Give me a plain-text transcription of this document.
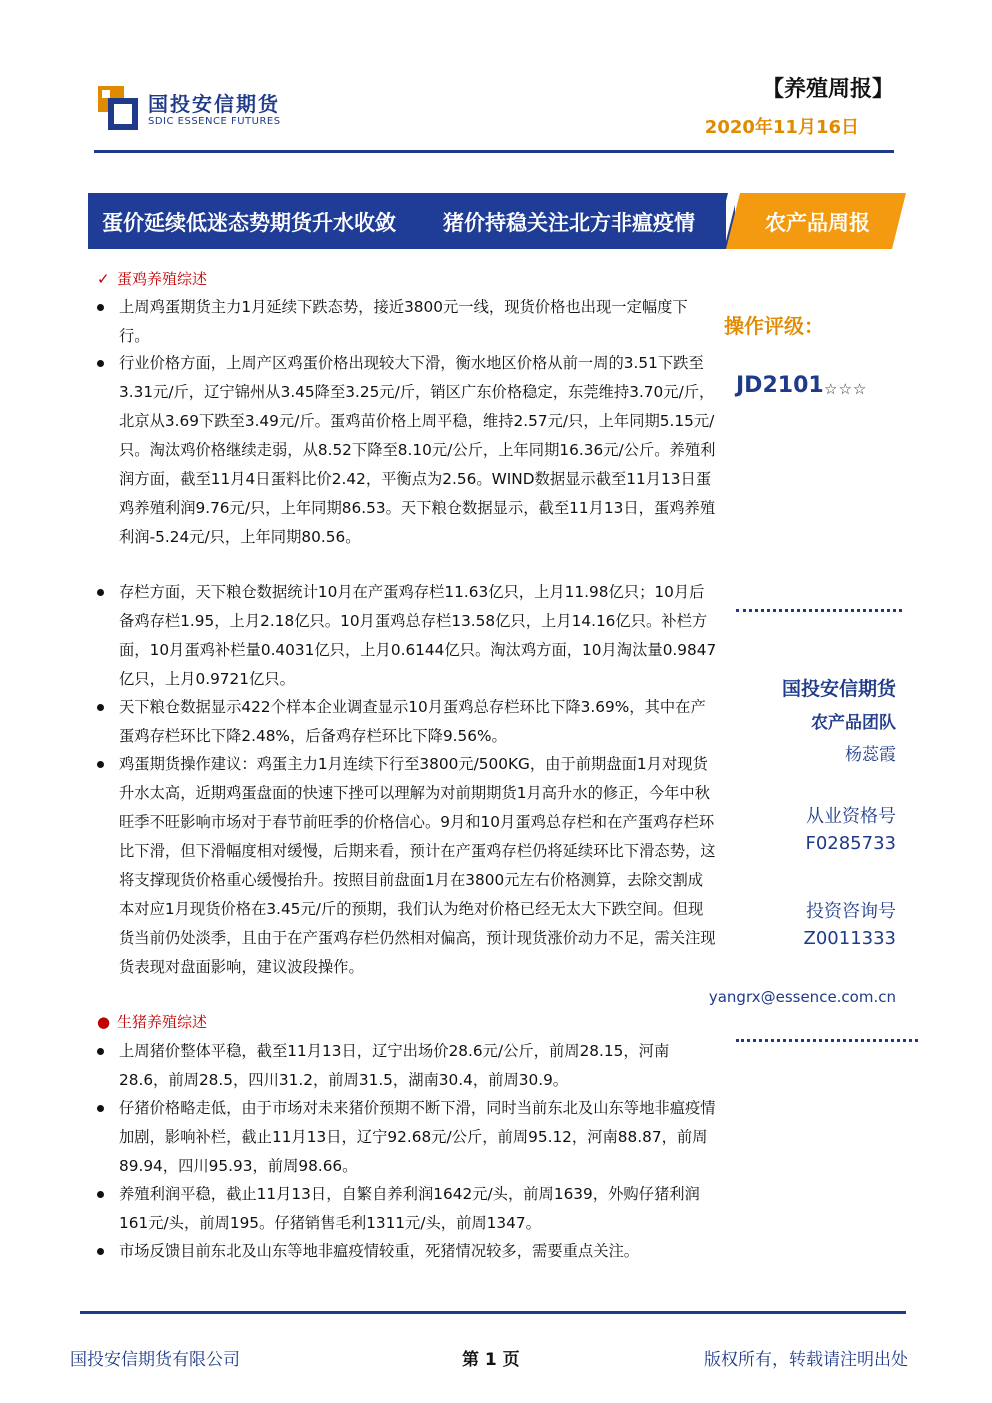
国投安信期货
SDIC ESSENCE FUTURES
【养殖周报】
2020年11月16日
蛋价延续低迷态势期货升水收敛 猪价持稳关注北方非瘟疫情	农产品周报
✓ 蛋鸡养殖综述
上周鸡蛋期货主力1月延续下跌态势，接近3800元一线，现货价格也出现一定幅度下行。
行业价格方面，上周产区鸡蛋价格出现较大下滑，衡水地区价格从前一周的3.51下跌至3.31元/斤，辽宁锦州从3.45降至3.25元/斤，销区广东价格稳定，东莞维持3.70元/斤，北京从3.69下跌至3.49元/斤。蛋鸡苗价格上周平稳，维持2.57元/只，上年同期5.15元/只。淘汰鸡价格继续走弱，从8.52下降至8.10元/公斤，上年同期16.36元/公斤。养殖利润方面，截至11月4日蛋料比价2.42，平衡点为2.56。WIND数据显示截至11月13日蛋鸡养殖利润9.76元/只，上年同期86.53。天下粮仓数据显示，截至11月13日，蛋鸡养殖利润-5.24元/只，上年同期80.56。
存栏方面，天下粮仓数据统计10月在产蛋鸡存栏11.63亿只，上月11.98亿只；10月后备鸡存栏1.95，上月2.18亿只。10月蛋鸡总存栏13.58亿只，上月14.16亿只。补栏方面，10月蛋鸡补栏量0.4031亿只，上月0.6144亿只。淘汰鸡方面，10月淘汰量0.9847亿只，上月0.9721亿只。
天下粮仓数据显示422个样本企业调查显示10月蛋鸡总存栏环比下降3.69%，其中在产蛋鸡存栏环比下降2.48%，后备鸡存栏环比下降9.56%。
鸡蛋期货操作建议：鸡蛋主力1月连续下行至3800元/500KG，由于前期盘面1月对现货升水太高，近期鸡蛋盘面的快速下挫可以理解为对前期期货1月高升水的修正，今年中秋旺季不旺影响市场对于春节前旺季的价格信心。9月和10月蛋鸡总存栏和在产蛋鸡存栏环比下滑，但下滑幅度相对缓慢，后期来看，预计在产蛋鸡存栏仍将延续环比下滑态势，这将支撑现货价格重心缓慢抬升。按照目前盘面1月在3800元左右价格测算，去除交割成本对应1月现货价格在3.45元/斤的预期，我们认为绝对价格已经无太大下跌空间。但现货当前仍处淡季，且由于在产蛋鸡存栏仍然相对偏高，预计现货涨价动力不足，需关注现货表现对盘面影响，建议波段操作。
● 生猪养殖综述
上周猪价整体平稳，截至11月13日，辽宁出场价28.6元/公斤，前周28.15，河南28.6，前周28.5，四川31.2，前周31.5，湖南30.4，前周30.9。
仔猪价格略走低，由于市场对未来猪价预期不断下滑，同时当前东北及山东等地非瘟疫情加剧，影响补栏，截止11月13日，辽宁92.68元/公斤，前周95.12，河南88.87，前周89.94，四川95.93，前周98.66。
养殖利润平稳，截止11月13日，自繁自养利润1642元/头，前周1639，外购仔猪利润161元/头，前周195。仔猪销售毛利1311元/头，前周1347。
市场反馈目前东北及山东等地非瘟疫情较重，死猪情况较多，需要重点关注。
操作评级：
JD2101 ☆☆☆
国投安信期货
农产品团队
杨蕊霞
从业资格号
F0285733
投资咨询号
Z0011333
yangrx@essence.com.cn
国投安信期货有限公司	第 1 页	版权所有，转载请注明出处
